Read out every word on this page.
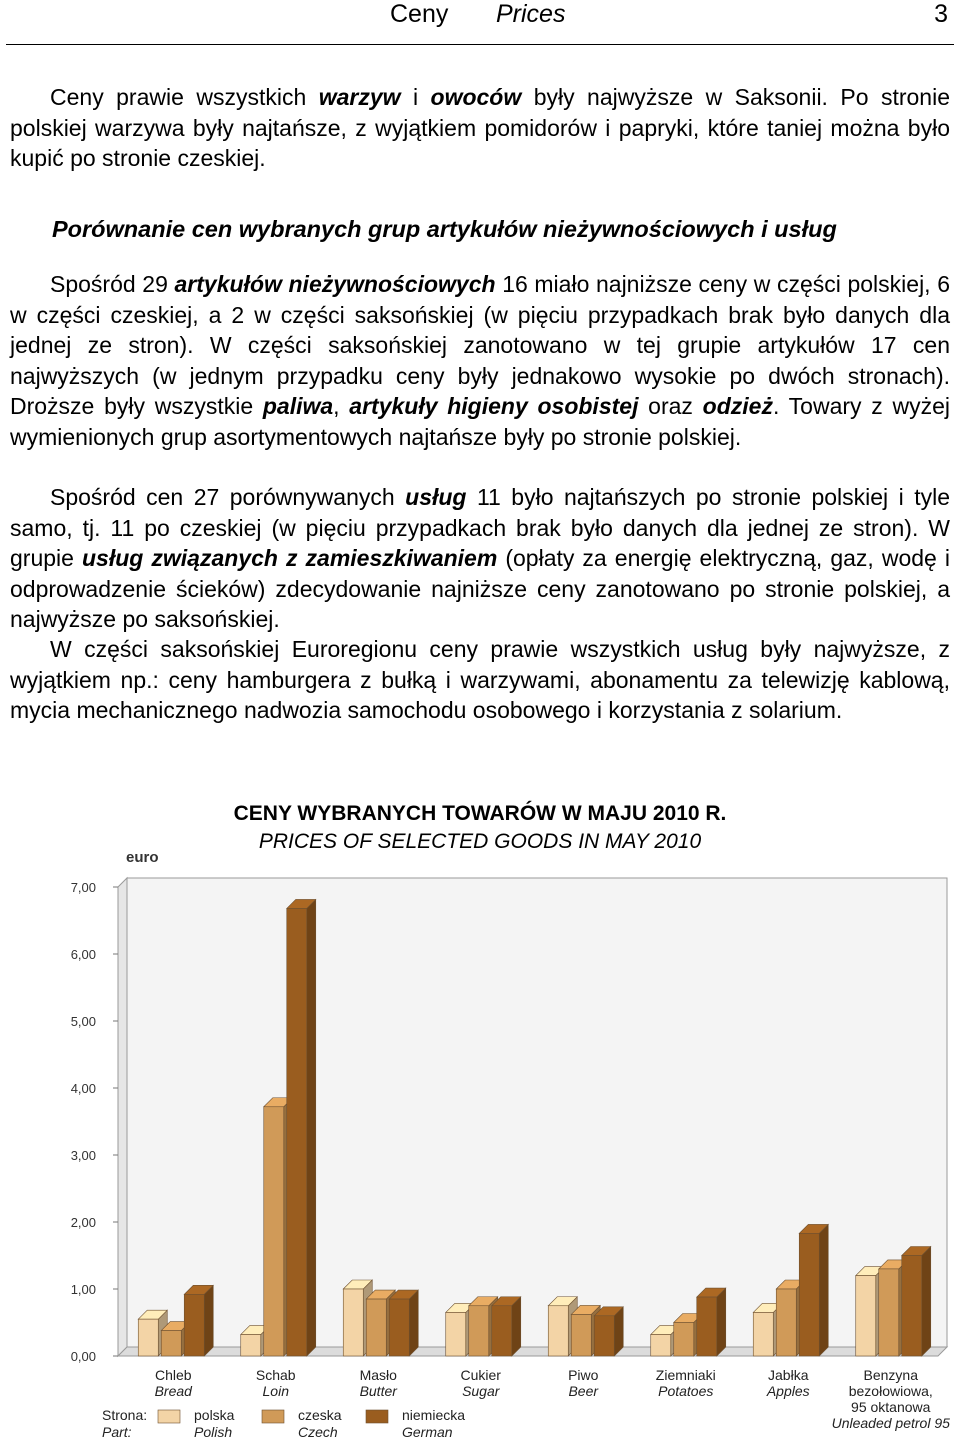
Ceny Prices	3

Ceny prawie wszystkich warzyw i owoców były najwyższe w Saksonii. Po stronie polskiej warzywa były najtańsze, z wyjątkiem pomidorów i papryki, które taniej można było kupić po stronie czeskiej.

Porównanie cen wybranych grup artykułów nieżywnościowych i usług

Spośród 29 artykułów nieżywnościowych 16 miało najniższe ceny w części polskiej, 6 w części czeskiej, a 2 w części saksońskiej (w pięciu przypadkach brak było danych dla jednej ze stron). W części saksońskiej zanotowano w tej grupie artykułów 17 cen najwyższych (w jednym przypadku ceny były jednakowo wysokie po dwóch stronach). Droższe były wszystkie paliwa, artykuły higieny osobistej oraz odzież. Towary z wyżej wymienionych grup asortymentowych najtańsze były po stronie polskiej.

Spośród cen 27 porównywanych usług 11 było najtańszych po stronie polskiej i tyle samo, tj. 11 po czeskiej (w pięciu przypadkach brak było danych dla jednej ze stron). W grupie usług związanych z zamieszkiwaniem (opłaty za energię elektryczną, gaz, wodę i odprowadzenie ścieków) zdecydowanie najniższe ceny zanotowano po stronie polskiej, a najwyższe po saksońskiej.

W części saksońskiej Euroregionu ceny prawie wszystkich usług były najwyższe, z wyjątkiem np.: ceny hamburgera z bułką i warzywami, abonamentu za telewizję kablową, mycia mechanicznego nadwozia samochodu osobowego i korzystania z solarium.

CENY WYBRANYCH TOWARÓW W MAJU 2010 R.
PRICES OF SELECTED GOODS IN MAY 2010
euro
0,00
1,00
2,00
3,00
4,00
5,00
6,00
7,00
Chleb
Bread
Schab
Loin
Masło
Butter
Cukier
Sugar
Piwo
Beer
Ziemniaki
Potatoes
Jabłka
Apples
Benzyna
bezołowiowa,
95 oktanowa
Unleaded petrol 95
Strona:
Part:
polska
Polish
czeska
Czech
niemiecka
German
